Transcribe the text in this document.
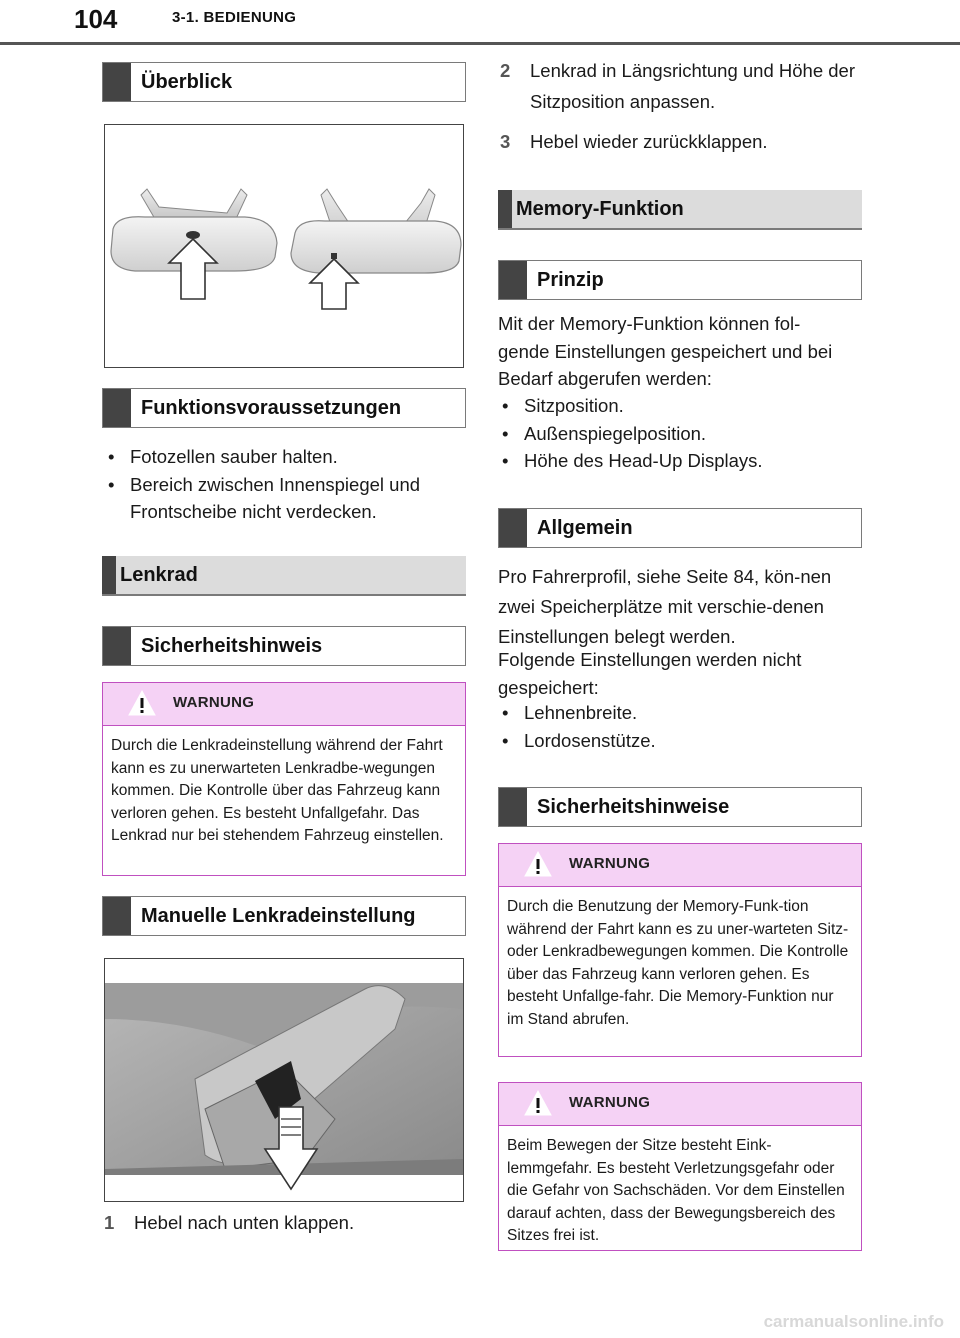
104	3-1. BEDIENUNG
Überblick
Funktionsvoraussetzungen
• Fotozellen sauber halten.
• Bereich zwischen Innenspiegel und Frontscheibe nicht verdecken.
Lenkrad
Sicherheitshinweis
WARNUNG
Durch die Lenkradeinstellung während der Fahrt kann es zu unerwarteten Lenkradbe-wegungen kommen. Die Kontrolle über das Fahrzeug kann verloren gehen. Es besteht Unfallgefahr. Das Lenkrad nur bei stehendem Fahrzeug einstellen.
Manuelle Lenkradeinstellung
1	Hebel nach unten klappen.
2	Lenkrad in Längsrichtung und Höhe der Sitzposition anpassen.
3	Hebel wieder zurückklappen.
Memory-Funktion
Prinzip
Mit der Memory-Funktion können fol-gende Einstellungen gespeichert und bei Bedarf abgerufen werden:
• Sitzposition.
• Außenspiegelposition.
• Höhe des Head-Up Displays.
Allgemein
Pro Fahrerprofil, siehe Seite 84, kön-nen zwei Speicherplätze mit verschie-denen Einstellungen belegt werden.
Folgende Einstellungen werden nicht gespeichert:
• Lehnenbreite.
• Lordosenstütze.
Sicherheitshinweise
WARNUNG
Durch die Benutzung der Memory-Funk-tion während der Fahrt kann es zu uner-warteten Sitz- oder Lenkradbewegungen kommen. Die Kontrolle über das Fahrzeug kann verloren gehen. Es besteht Unfallge-fahr. Die Memory-Funktion nur im Stand abrufen.
WARNUNG
Beim Bewegen der Sitze besteht Eink-lemmgefahr. Es besteht Verletzungsgefahr oder die Gefahr von Sachschäden. Vor dem Einstellen darauf achten, dass der Bewegungsbereich des Sitzes frei ist.
carmanualsonline.info
